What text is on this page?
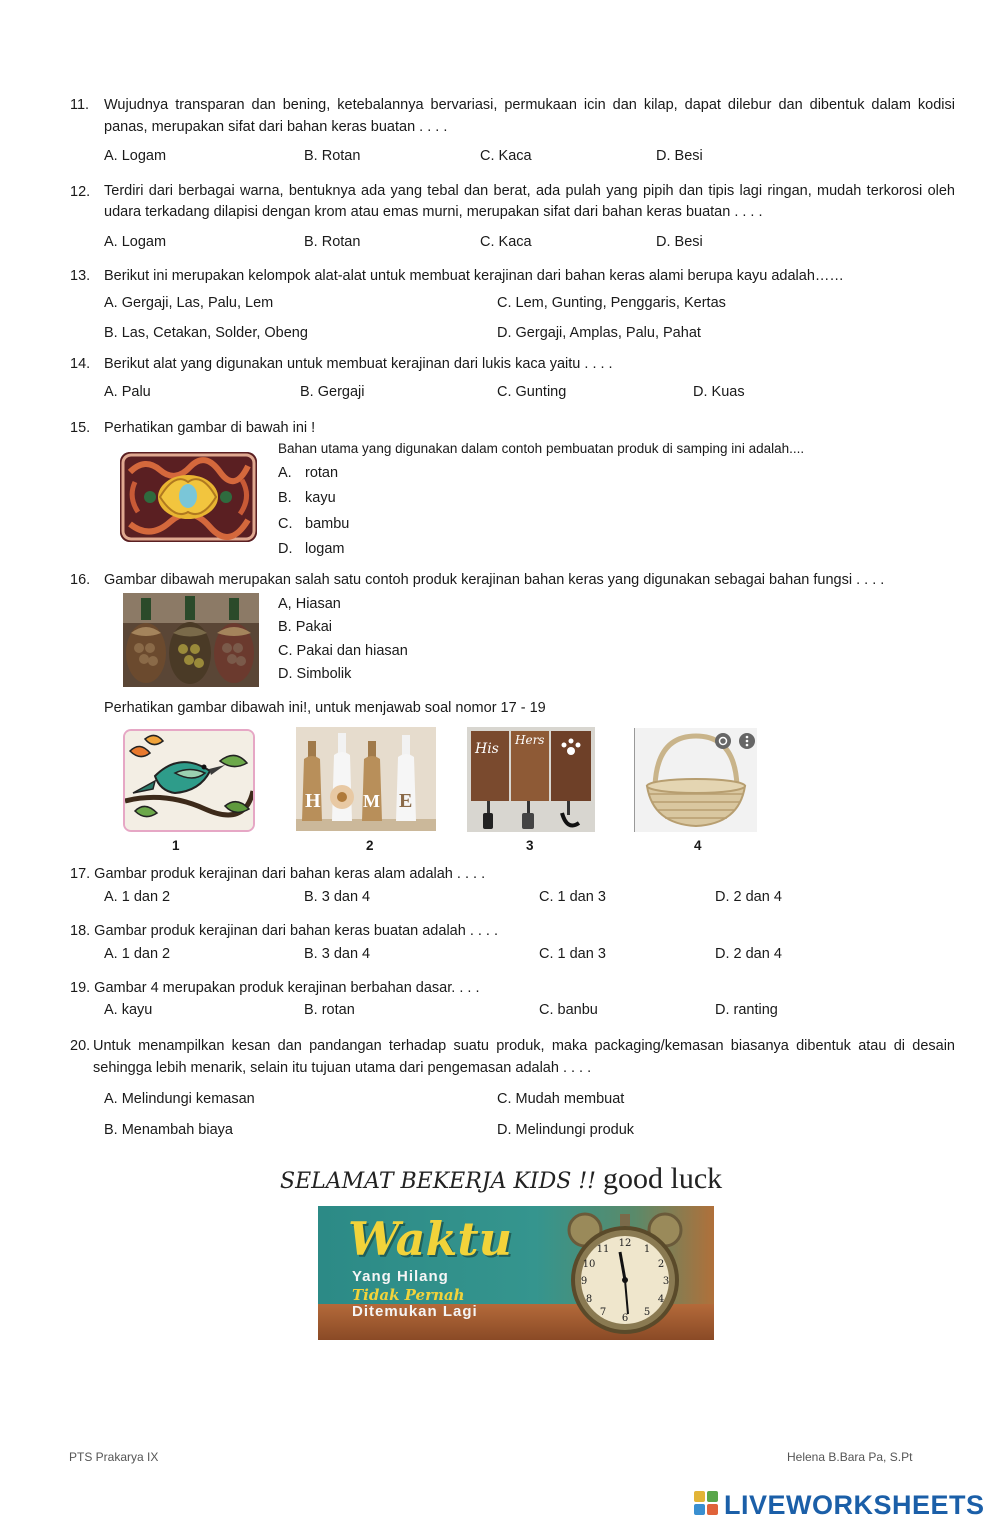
11. Wujudnya transparan dan bening, ketebalannya bervariasi, permukaan icin dan kilap, dapat dilebur dan dibentuk dalam kodisi panas, merupakan sifat dari bahan keras buatan . . . .
A. Logam	B. Rotan	C. Kaca	D. Besi
12. Terdiri dari berbagai warna, bentuknya ada yang tebal dan berat, ada pulah yang pipih dan tipis lagi ringan, mudah terkorosi oleh udara terkadang dilapisi dengan krom atau emas murni, merupakan sifat dari bahan keras buatan . . . .
A. Logam	B. Rotan	C. Kaca	D. Besi
13. Berikut ini merupakan kelompok alat-alat untuk membuat kerajinan dari bahan keras alami berupa kayu adalah……
A. Gergaji, Las, Palu, Lem	C. Lem, Gunting, Penggaris, Kertas
B. Las, Cetakan, Solder, Obeng	D. Gergaji, Amplas, Palu, Pahat
14. Berikut alat yang digunakan untuk membuat kerajinan dari lukis kaca yaitu . . . .
A. Palu	B. Gergaji	C. Gunting	D. Kuas
15. Perhatikan gambar di bawah ini !
Bahan utama yang digunakan dalam contoh pembuatan produk di samping ini adalah....
A. rotan
B. kayu
C. bambu
D. logam
16. Gambar dibawah merupakan salah satu contoh produk kerajinan bahan keras yang digunakan sebagai bahan fungsi . . . .
A, Hiasan
B. Pakai
C. Pakai dan hiasan
D. Simbolik
Perhatikan gambar dibawah ini!, untuk menjawab soal nomor 17 - 19
H M E
His
Hers
1	2	3	4
17. Gambar produk kerajinan dari bahan keras alam adalah . . . .
A. 1 dan 2	B. 3 dan 4	C. 1 dan 3	D. 2 dan 4
18. Gambar produk kerajinan dari bahan keras buatan adalah . . . .
A. 1 dan 2	B. 3 dan 4	C. 1 dan 3	D. 2 dan 4
19. Gambar 4 merupakan produk kerajinan berbahan dasar. . . .
A. kayu	B. rotan	C. banbu	D. ranting
20. Untuk menampilkan kesan dan pandangan terhadap suatu produk, maka packaging/kemasan biasanya dibentuk atau di desain sehingga lebih menarik, selain itu tujuan utama dari pengemasan adalah . . . .
A. Melindungi kemasan	C. Mudah membuat
B. Menambah biaya	D. Melindungi produk
SELAMAT BEKERJA KIDS !! good luck
Waktu
Yang Hilang
Tidak Pernah
Ditemukan Lagi
12
1
2
3
4
5
6
7
8
9
10
11
PTS Prakarya IX	Helena B.Bara Pa, S.Pt
LIVEWORKSHEETS
